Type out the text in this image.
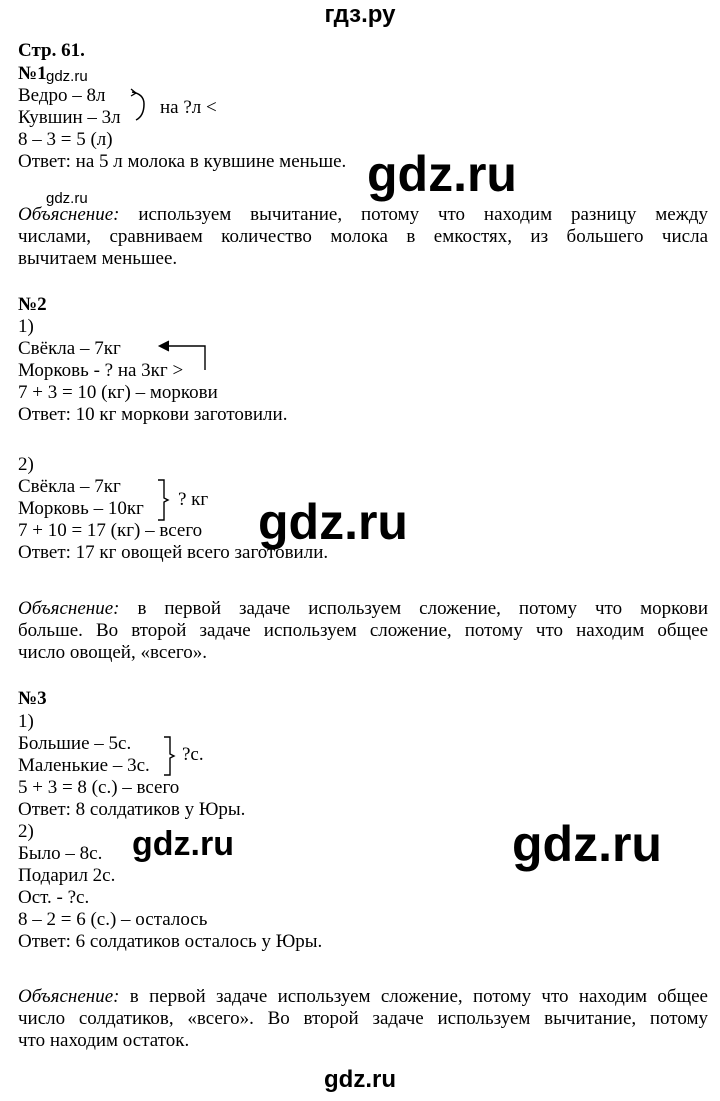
гдз.ру
Стр. 61.
№1 gdz.ru
Ведро – 8л
Кувшин – 3л на ?л <
8 – 3 = 5 (л)
Ответ: на 5 л молока в кувшине меньше. gdz.ru
gdz.ru
Объяснение: используем вычитание, потому что находим разницу между
числами, сравниваем количество молока в емкостях, из большего числа
вычитаем меньшее.
№2
1)
Свёкла – 7кг
Морковь - ? на 3кг >
7 + 3 = 10 (кг) – моркови
Ответ: 10 кг моркови заготовили.
2)
Свёкла – 7кг
Морковь – 10кг ? кг gdz.ru
7 + 10 = 17 (кг) – всего
Ответ: 17 кг овощей всего заготовили.
Объяснение: в первой задаче используем сложение, потому что моркови
больше. Во второй задаче используем сложение, потому что находим общее
число овощей, «всего».
№3
1)
Большие – 5с.
Маленькие – 3с.
?с.
5 + 3 = 8 (с.) – всего
Ответ: 8 солдатиков у Юры.
2)	gdz.ru	gdz.ru
Было – 8с.
Подарил 2с.
Ост. - ?с.
8 – 2 = 6 (с.) – осталось
Ответ: 6 солдатиков осталось у Юры.
Объяснение: в первой задаче используем сложение, потому что находим общее
число солдатиков, «всего». Во второй задаче используем вычитание, потому
что находим остаток.
gdz.ru
